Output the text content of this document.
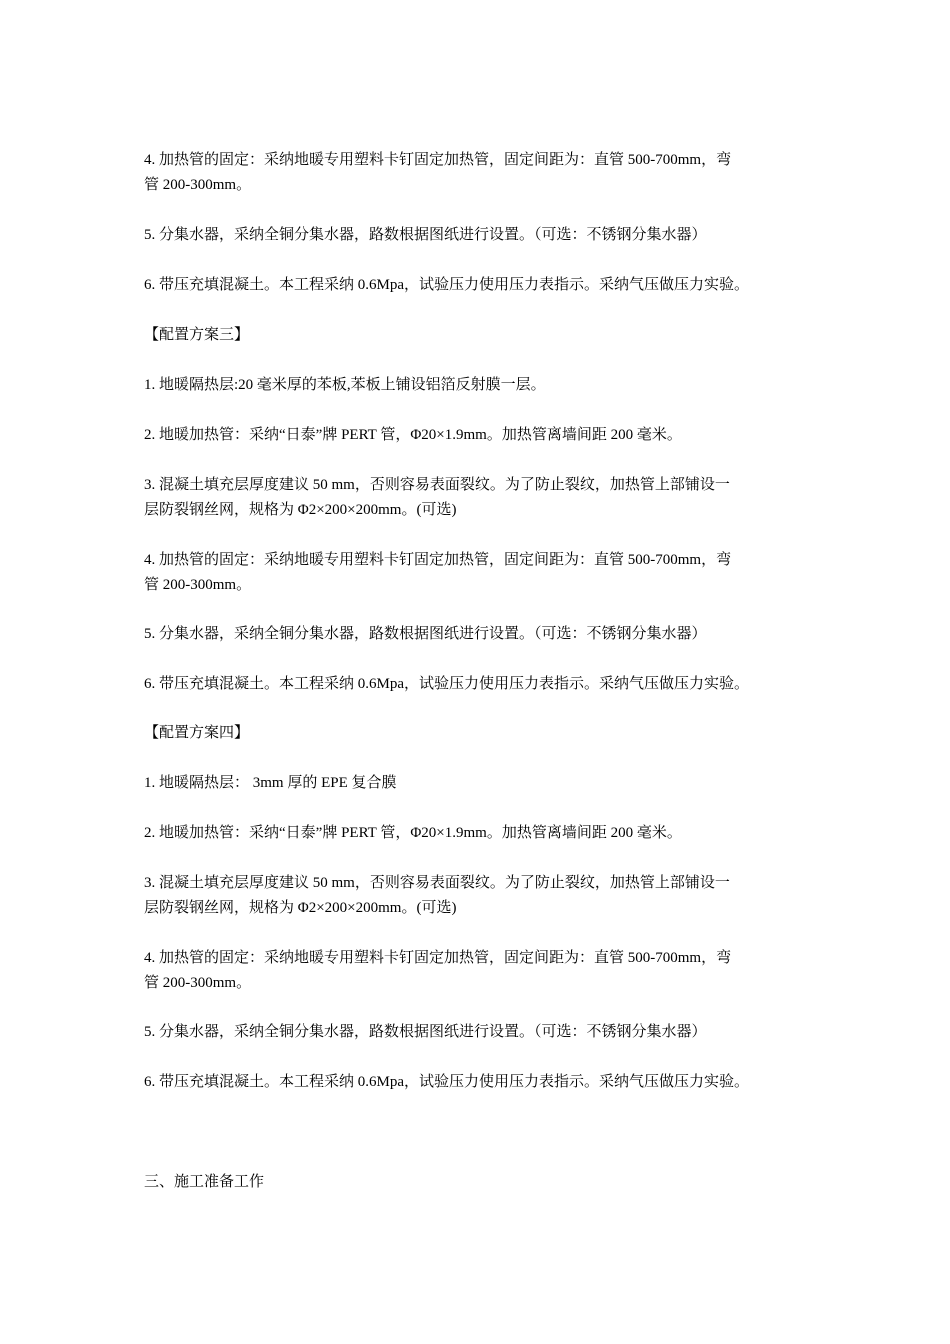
4. 加热管的固定：采纳地暖专用塑料卡钉固定加热管，固定间距为：直管 500-700mm，弯
管 200-300mm。

5. 分集水器，采纳全铜分集水器，路数根据图纸进行设置。（可选：不锈钢分集水器）

6. 带压充填混凝土。本工程采纳 0.6Mpa，试验压力使用压力表指示。采纳气压做压力实验。

【配置方案三】

1. 地暖隔热层:20 毫米厚的苯板,苯板上铺设铝箔反射膜一层。

2. 地暖加热管：采纳“日泰”牌 PERT 管，Φ20×1.9mm。加热管离墙间距 200 毫米。

3. 混凝土填充层厚度建议 50 mm，否则容易表面裂纹。为了防止裂纹，加热管上部铺设一
层防裂钢丝网，规格为 Φ2×200×200mm。(可选)

4. 加热管的固定：采纳地暖专用塑料卡钉固定加热管，固定间距为：直管 500-700mm，弯
管 200-300mm。

5. 分集水器，采纳全铜分集水器，路数根据图纸进行设置。（可选：不锈钢分集水器）

6. 带压充填混凝土。本工程采纳 0.6Mpa，试验压力使用压力表指示。采纳气压做压力实验。

【配置方案四】

1. 地暖隔热层： 3mm 厚的 EPE 复合膜

2. 地暖加热管：采纳“日泰”牌 PERT 管，Φ20×1.9mm。加热管离墙间距 200 毫米。

3. 混凝土填充层厚度建议 50 mm，否则容易表面裂纹。为了防止裂纹，加热管上部铺设一
层防裂钢丝网，规格为 Φ2×200×200mm。(可选)

4. 加热管的固定：采纳地暖专用塑料卡钉固定加热管，固定间距为：直管 500-700mm，弯
管 200-300mm。

5. 分集水器，采纳全铜分集水器，路数根据图纸进行设置。（可选：不锈钢分集水器）

6. 带压充填混凝土。本工程采纳 0.6Mpa，试验压力使用压力表指示。采纳气压做压力实验。

三、施工准备工作
